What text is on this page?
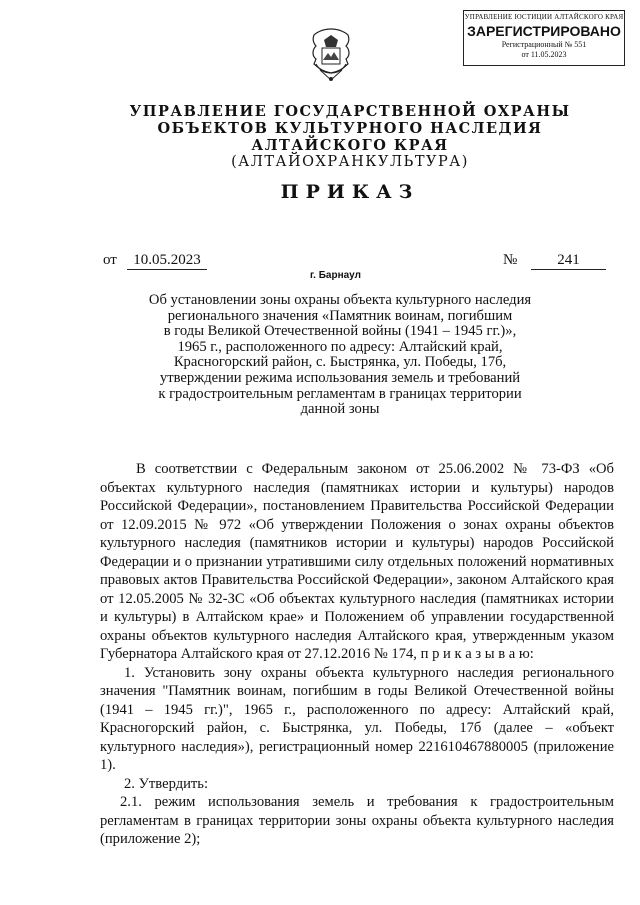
УПРАВЛЕНИЕ ЮСТИЦИИ АЛТАЙСКОГО КРАЯ
ЗАРЕГИСТРИРОВАНО
Регистрационный № 551
от 11.05.2023
УПРАВЛЕНИЕ ГОСУДАРСТВЕННОЙ ОХРАНЫ
ОБЪЕКТОВ КУЛЬТУРНОГО НАСЛЕДИЯ
АЛТАЙСКОГО КРАЯ
(АЛТАЙОХРАНКУЛЬТУРА)
ПРИКАЗ
от	10.05.2023	№	241
г. Барнаул
Об установлении зоны охраны объекта культурного наследия
регионального значения «Памятник воинам, погибшим
в годы Великой Отечественной войны (1941 – 1945 гг.)»,
1965 г., расположенного по адресу: Алтайский край,
Красногорский район, с. Быстрянка, ул. Победы, 17б,
утверждении режима использования земель и требований
к градостроительным регламентам в границах территории
данной зоны

В соответствии с Федеральным законом от 25.06.2002 № 73-ФЗ «Об объектах культурного наследия (памятниках истории и культуры) народов Российской Федерации», постановлением Правительства Российской Федерации от 12.09.2015 № 972 «Об утверждении Положения о зонах охраны объектов культурного наследия (памятников истории и культуры) народов Российской Федерации и о признании утратившими силу отдельных положений нормативных правовых актов Правительства Российской Федерации», законом Алтайского края от 12.05.2005 № 32-ЗС «Об объектах культурного наследия (памятниках истории и культуры) в Алтайском крае» и Положением об управлении государственной охраны объектов культурного наследия Алтайского края, утвержденным указом Губернатора Алтайского края от 27.12.2016 № 174, п р и к а з ы в а ю:

1. Установить зону охраны объекта культурного наследия регионального значения "Памятник воинам, погибшим в годы Великой Отечественной войны (1941 – 1945 гг.)", 1965 г., расположенного по адресу: Алтайский край, Красногорский район, с. Быстрянка, ул. Победы, 17б (далее – «объект культурного наследия»), регистрационный номер 221610467880005 (приложение 1).

2. Утвердить:

2.1. режим использования земель и требования к градостроительным регламентам в границах территории зоны охраны объекта культурного наследия (приложение 2);
